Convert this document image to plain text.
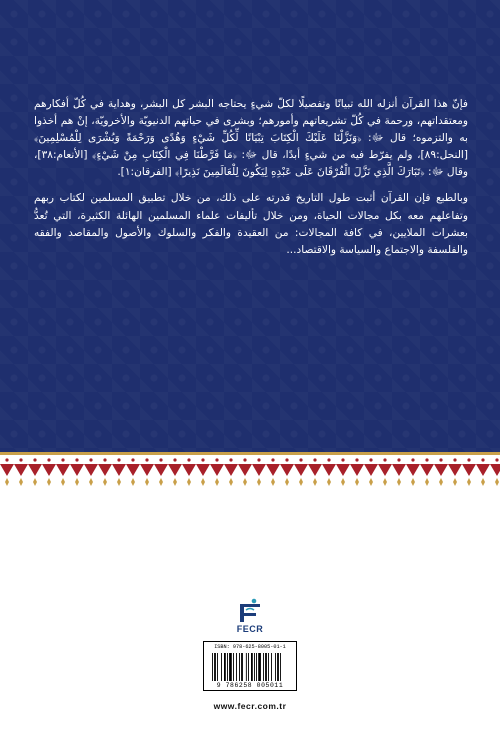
فإنّ هذا القرآن أنزله الله تبيانًا وتفصيلًا لكلّ شيءٍ يحتاجه البشر كل البشر، وهداية في كُلّ أفكارهم ومعتقداتهم، ورحمة في كُلّ تشريعاتهم وأمورهم؛ وبشرى في حياتهم الدنيويّة والأخرويّة، إنْ هم أخذوا به والتزموه؛ قال ﷻ: ﴿وَنَزَّلْنَا عَلَيْكَ الْكِتَابَ تِبْيَانًا لِّكُلِّ شَيْءٍ وَهُدًى وَرَحْمَةً وَبُشْرَى لِلْمُسْلِمِينَ﴾ [النحل:٨٩]، ولم يفرّط فيه من شيءٍ أبدًا، قال ﷻ: ﴿مَا فَرَّطْنَا فِي الْكِتَابِ مِنْ شَيْءٍ﴾ [الأنعام:٣٨]، وقال ﷻ: ﴿تَبَارَكَ الَّذِي نَزَّلَ الْفُرْقَانَ عَلَى عَبْدِهِ لِيَكُونَ لِلْعَالَمِينَ نَذِيرًا﴾ [الفرقان:١].

وبالطبع فإن القرآن أثبت طول التاريخ قدرته على ذلك، من خلال تطبيق المسلمين لكتاب ربهم وتفاعلهم معه بكل مجالات الحياة، ومن خلال تأليفات علماء المسلمين الهائلة الكثيرة، التي تُعدُّ بعشرات الملايين، في كافة المجالات: من العقيدة والفكر والسلوك والأصول والمقاصد والفقه والفلسفة والاجتماع والسياسة والاقتصاد...

FECR
ISBN: 978-625-8005-01-1
9 786258 005011
www.fecr.com.tr
